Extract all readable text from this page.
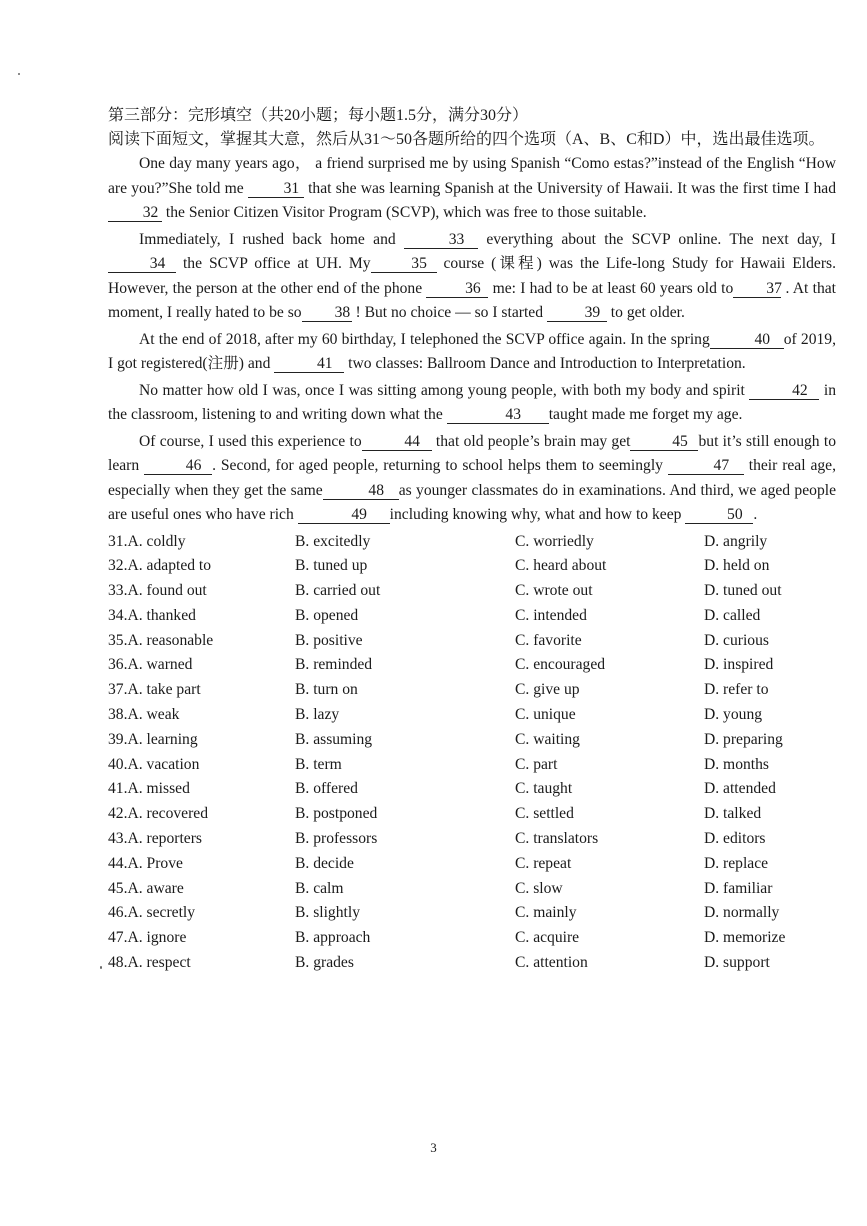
第三部分：完形填空（共20小题；每小题1.5分，满分30分）

阅读下面短文，掌握其大意，然后从31～50各题所给的四个选项（A、B、C和D）中，选出最佳选项。

One day many years ago， a friend surprised me by using Spanish “Como estas?”instead of the English “How are you?”She told me 31 that she was learning Spanish at the University of Hawaii. It was the first time I had 32 the Senior Citizen Visitor Program (SCVP), which was free to those suitable.

Immediately, I rushed back home and	33 everything about the SCVP online. The next day, I 34 the SCVP office at UH. My	35 course (课程) was the Life-long Study for Hawaii Elders. However, the person at the other end of the phone 36 me: I had to be at least 60 years old to 37 . At that moment, I really hated to be so 38 ! But no choice — so I started 39 to get older.

At the end of 2018, after my 60 birthday, I telephoned the SCVP office again. In the spring	40 of 2019, I got registered(注册) and	41 two classes: Ballroom Dance and Introduction to Interpretation.

No matter how old I was, once I was sitting among young people, with both my body and spirit	42 in the classroom, listening to and writing down what the	43 taught made me forget my age.

Of course, I used this experience to	44 that old people’s brain may get	45 but it’s still enough to learn	46 . Second, for aged people, returning to school helps them to seemingly	47 their real age, especially when they get the same	48 as younger classmates do in examinations. And third, we aged people are useful ones who have rich	49 including knowing why, what and how to keep	50 .

31.A. coldly	B. excitedly	C. worriedly	D. angrily
32.A. adapted to	B. tuned up	C. heard about	D. held on
33.A. found out	B. carried out	C. wrote out	D. tuned out
34.A. thanked	B. opened	C. intended	D. called
35.A. reasonable	B. positive	C. favorite	D. curious
36.A. warned	B. reminded	C. encouraged	D. inspired
37.A. take part	B. turn on	C. give up	D. refer to
38.A. weak	B. lazy	C. unique	D. young
39.A. learning	B. assuming	C. waiting	D. preparing
40.A. vacation	B. term	C. part	D. months
41.A. missed	B. offered	C. taught	D. attended
42.A. recovered	B. postponed	C. settled	D. talked
43.A. reporters	B. professors	C. translators	D. editors
44.A. Prove	B. decide	C. repeat	D. replace
45.A. aware	B. calm	C. slow	D. familiar
46.A. secretly	B. slightly	C. mainly	D. normally
47.A. ignore	B. approach	C. acquire	D. memorize
48.A. respect	B. grades	C. attention	D. support
3
